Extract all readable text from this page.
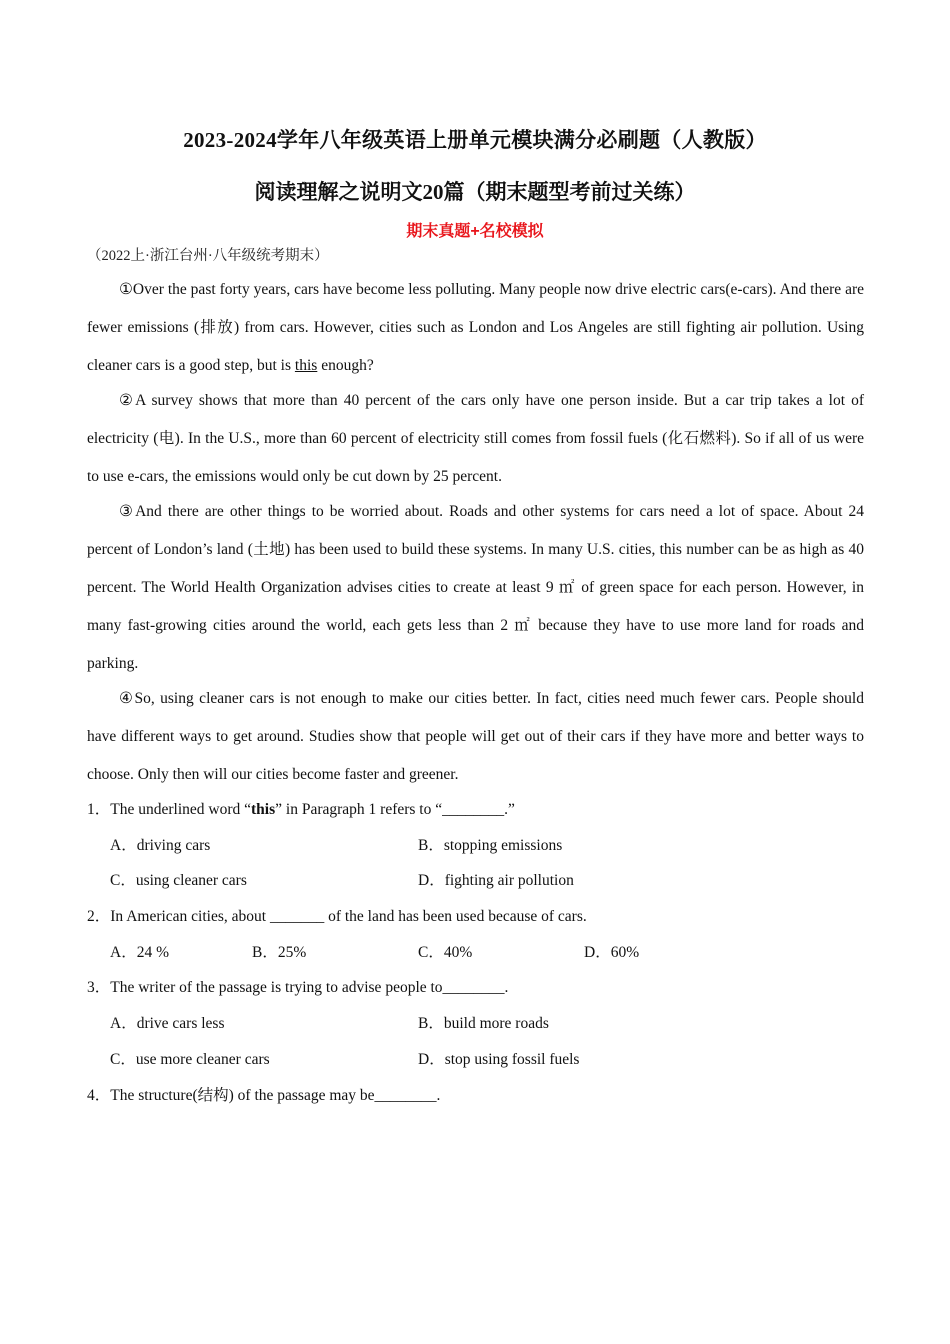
2023-2024学年八年级英语上册单元模块满分必刷题（人教版）
阅读理解之说明文20篇（期末题型考前过关练）
期末真题+名校模拟
（2022上·浙江台州·八年级统考期末）

①Over the past forty years, cars have become less polluting. Many people now drive electric cars(e-cars). And there are fewer emissions (排放) from cars. However, cities such as London and Los Angeles are still fighting air pollution. Using cleaner cars is a good step, but is this enough?

②A survey shows that more than 40 percent of the cars only have one person inside. But a car trip takes a lot of electricity (电). In the U.S., more than 60 percent of electricity still comes from fossil fuels (化石燃料). So if all of us were to use e-cars, the emissions would only be cut down by 25 percent.

③And there are other things to be worried about. Roads and other systems for cars need a lot of space. About 24 percent of London’s land (土地) has been used to build these systems. In many U.S. cities, this number can be as high as 40 percent. The World Health Organization advises cities to create at least 9 ㎡ of green space for each person. However, in many fast-growing cities around the world, each gets less than 2 ㎡ because they have to use more land for roads and parking.

④So, using cleaner cars is not enough to make our cities better. In fact, cities need much fewer cars. People should have different ways to get around. Studies show that people will get out of their cars if they have more and better ways to choose. Only then will our cities become faster and greener.

1．The underlined word “this” in Paragraph 1 refers to “________.”
A．driving cars	B．stopping emissions
C．using cleaner cars	D．fighting air pollution
2．In American cities, about _______ of the land has been used because of cars.
A．24 %	B．25%	C．40%	D．60%
3．The writer of the passage is trying to advise people to________.
A．drive cars less	B．build more roads
C．use more cleaner cars	D．stop using fossil fuels
4．The structure(结构) of the passage may be________.
